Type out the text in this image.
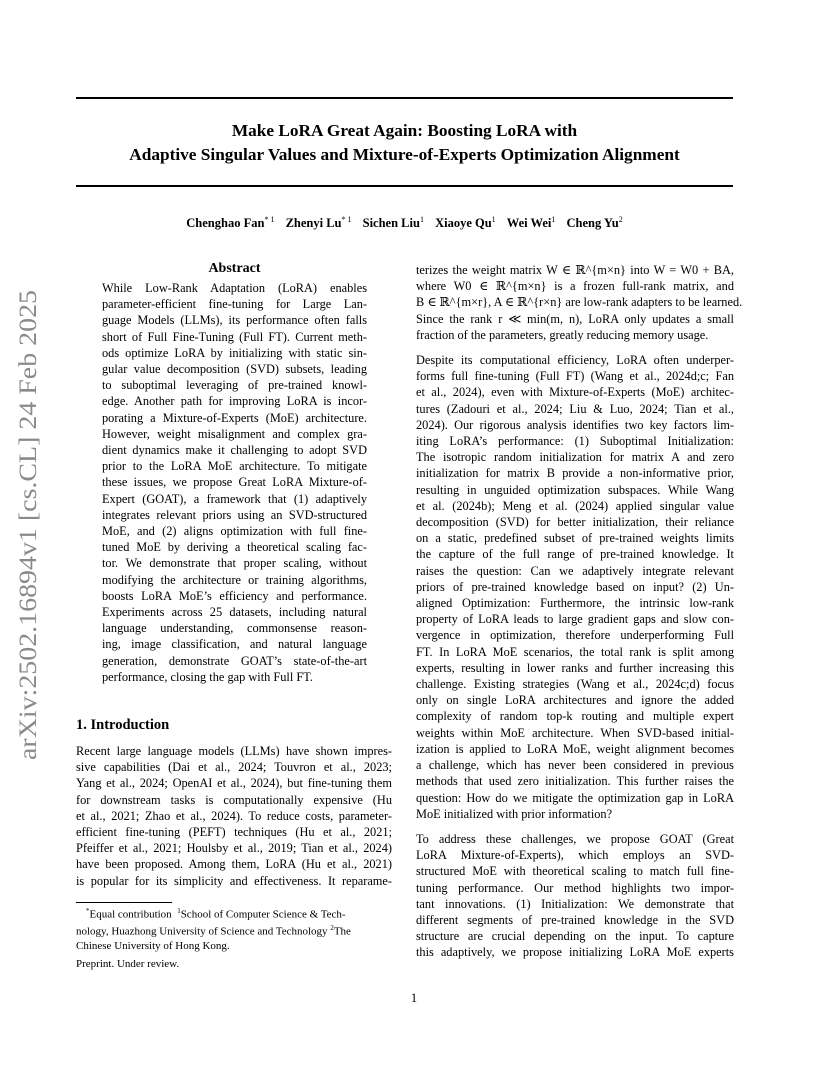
Make LoRA Great Again: Boosting LoRA with
Adaptive Singular Values and Mixture-of-Experts Optimization Alignment
Chenghao Fan$^{* 1}$ Zhenyi Lu$^{* 1}$ Sichen Liu$^1$ Xiaoye Qu$^1$ Wei Wei$^1$ Cheng Yu$^2$
arXiv:2502.16894v1 [cs.CL] 24 Feb 2025
Abstract
While Low-Rank Adaptation (LoRA) enables
parameter-efficient fine-tuning for Large Lan-
guage Models (LLMs), its performance often falls
short of Full Fine-Tuning (Full FT). Current meth-
ods optimize LoRA by initializing with static sin-
gular value decomposition (SVD) subsets, leading
to suboptimal leveraging of pre-trained knowl-
edge. Another path for improving LoRA is incor-
porating a Mixture-of-Experts (MoE) architecture.
However, weight misalignment and complex gra-
dient dynamics make it challenging to adopt SVD
prior to the LoRA MoE architecture. To mitigate
these issues, we propose Great LoRA Mixture-of-
Expert (GOAT), a framework that (1) adaptively
integrates relevant priors using an SVD-structured
MoE, and (2) aligns optimization with full fine-
tuned MoE by deriving a theoretical scaling fac-
tor. We demonstrate that proper scaling, without
modifying the architecture or training algorithms,
boosts LoRA MoE’s efficiency and performance.
Experiments across 25 datasets, including natural
language understanding, commonsense reason-
ing, image classification, and natural language
generation, demonstrate GOAT’s state-of-the-art
performance, closing the gap with Full FT.
1. Introduction
Recent large language models (LLMs) have shown impres-
sive capabilities (Dai et al., 2024; Touvron et al., 2023;
Yang et al., 2024; OpenAI et al., 2024), but fine-tuning them
for downstream tasks is computationally expensive (Hu
et al., 2021; Zhao et al., 2024). To reduce costs, parameter-
efficient fine-tuning (PEFT) techniques (Hu et al., 2021;
Pfeiffer et al., 2021; Houlsby et al., 2019; Tian et al., 2024)
have been proposed. Among them, LoRA (Hu et al., 2021)
is popular for its simplicity and effectiveness. It reparame-
*Equal contribution $^1$School of Computer Science & Tech-
nology, Huazhong University of Science and Technology $^2$The
Chinese University of Hong Kong.
Preprint. Under review.
terizes the weight matrix W ∈ ℝ^{m×n} into W = W0 + BA,
where W0 ∈ ℝ^{m×n} is a frozen full-rank matrix, and
B ∈ ℝ^{m×r}, A ∈ ℝ^{r×n} are low-rank adapters to be learned.
Since the rank r ≪ min(m, n), LoRA only updates a small
fraction of the parameters, greatly reducing memory usage.
Despite its computational efficiency, LoRA often underper-
forms full fine-tuning (Full FT) (Wang et al., 2024d;c; Fan
et al., 2024), even with Mixture-of-Experts (MoE) architec-
tures (Zadouri et al., 2024; Liu & Luo, 2024; Tian et al.,
2024). Our rigorous analysis identifies two key factors lim-
iting LoRA’s performance: (1) Suboptimal Initialization:
The isotropic random initialization for matrix A and zero
initialization for matrix B provide a non-informative prior,
resulting in unguided optimization subspaces. While Wang
et al. (2024b); Meng et al. (2024) applied singular value
decomposition (SVD) for better initialization, their reliance
on a static, predefined subset of pre-trained weights limits
the capture of the full range of pre-trained knowledge. It
raises the question: Can we adaptively integrate relevant
priors of pre-trained knowledge based on input? (2) Un-
aligned Optimization: Furthermore, the intrinsic low-rank
property of LoRA leads to large gradient gaps and slow con-
vergence in optimization, therefore underperforming Full
FT. In LoRA MoE scenarios, the total rank is split among
experts, resulting in lower ranks and further increasing this
challenge. Existing strategies (Wang et al., 2024c;d) focus
only on single LoRA architectures and ignore the added
complexity of random top-k routing and multiple expert
weights within MoE architecture. When SVD-based initial-
ization is applied to LoRA MoE, weight alignment becomes
a challenge, which has never been considered in previous
methods that used zero initialization. This further raises the
question: How do we mitigate the optimization gap in LoRA
MoE initialized with prior information?
To address these challenges, we propose GOAT (Great
LoRA Mixture-of-Experts), which employs an SVD-
structured MoE with theoretical scaling to match full fine-
tuning performance. Our method highlights two impor-
tant innovations. (1) Initialization: We demonstrate that
different segments of pre-trained knowledge in the SVD
structure are crucial depending on the input. To capture
this adaptively, we propose initializing LoRA MoE experts
1
